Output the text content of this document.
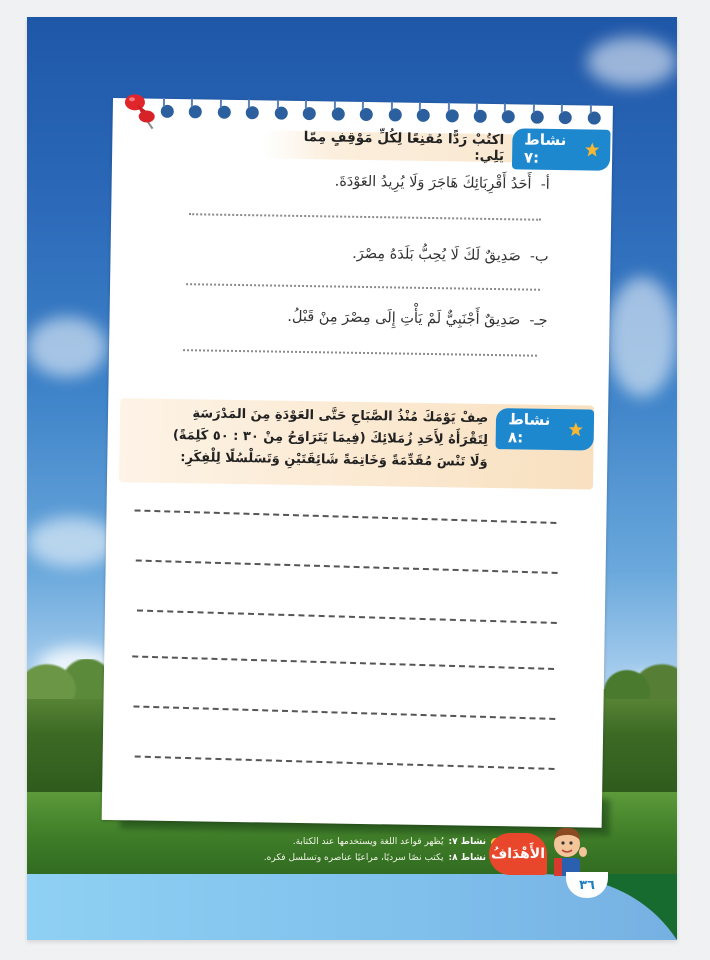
نشاط ٧:
اكتُبْ رَدًّا مُقنِعًا لِكُلِّ مَوْقِفٍ مِمّا يَلِي:
أ-  أَحَدُ أَقْرِبَائِكَ هَاجَرَ وَلَا يُرِيدُ العَوْدَةَ.
ب-  صَدِيقٌ لَكَ لَا يُحِبُّ بَلَدَهُ مِصْرَ.
جـ-  صَدِيقٌ أَجْنَبِيٌّ لَمْ يَأْتِ إِلَى مِصْرَ مِنْ قَبْلُ.
نشاط ٨:
صِفْ يَوْمَكَ مُنْذُ الصَّبَاحِ حَتَّى العَوْدَةِ مِنَ المَدْرَسَةِ
لِتَقْرَأَهُ لِأَحَدِ زُمَلائِكَ (فِيمَا يَتَرَاوَحُ مِنْ ٣٠ : ٥٠ كَلِمَةً)
وَلَا تَنْسَ مُقَدِّمَةً وَخَاتِمَةً شَائِقَتَيْنِ وَتَسَلْسُلًا لِلْفِكَرِ:
نشاط ٧:
يُظهر قواعد اللغة ويستخدمها عند الكتابة.
نشاط ٨:
يكتب نصًا سرديًا، مراعيًا عناصره وتسلسل فكره.	الأَهْدَافُ
٣٦
